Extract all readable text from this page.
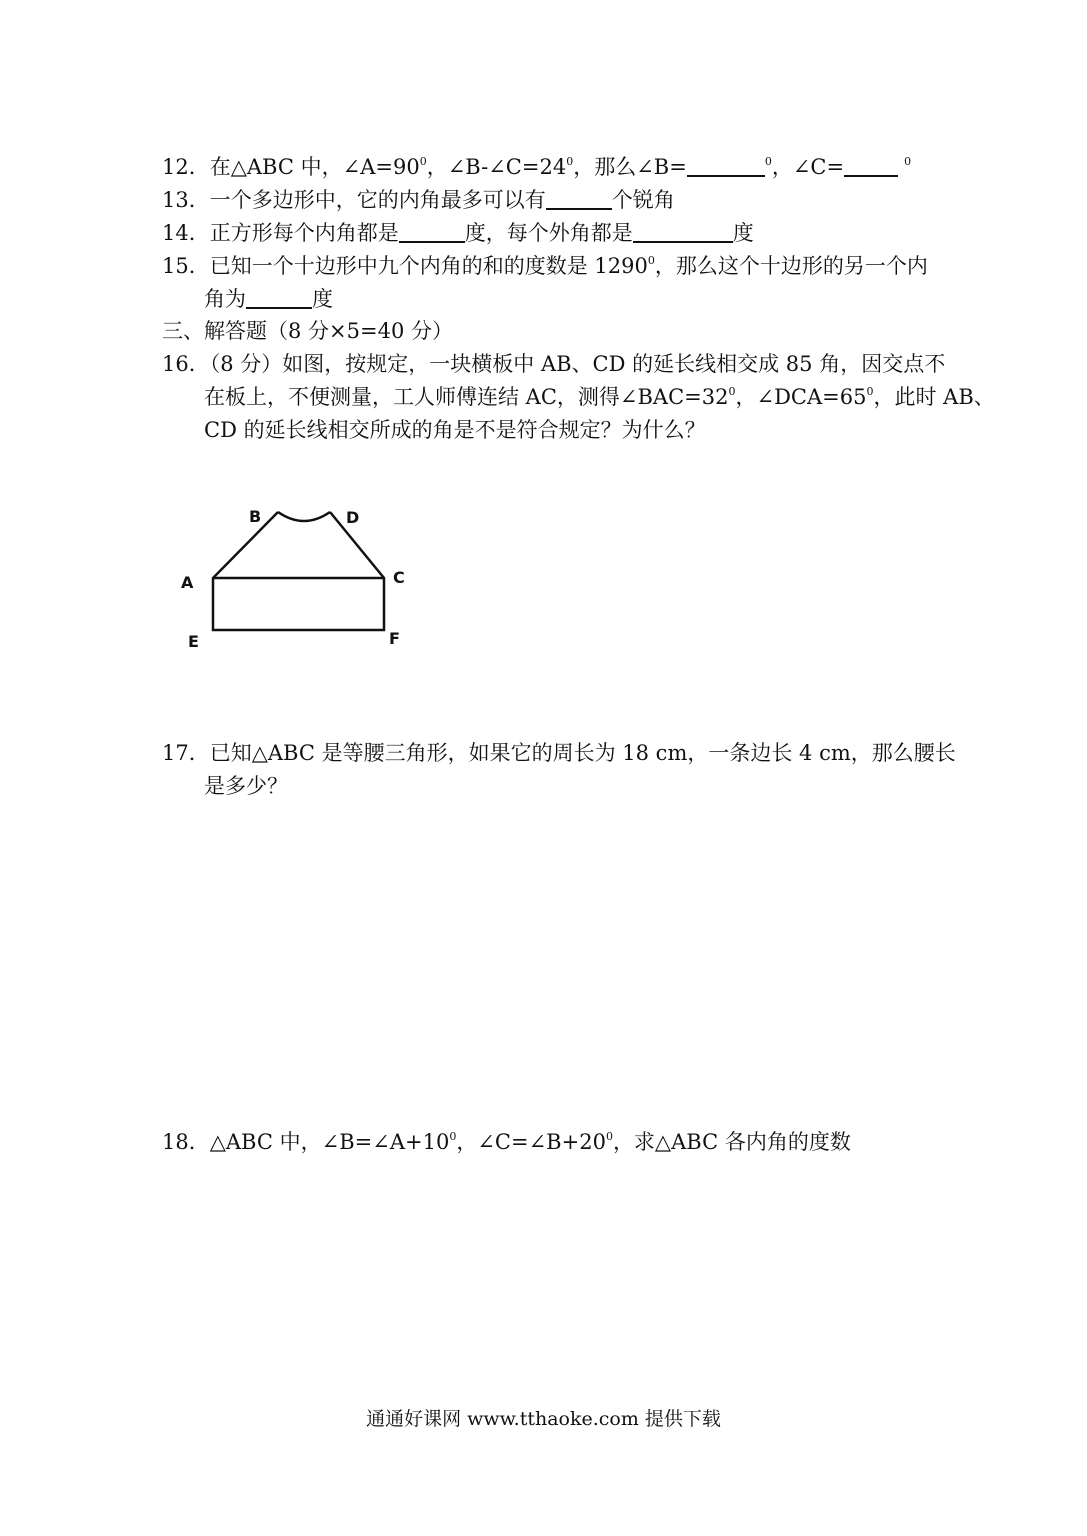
12．在△ABC 中，$\angle A=90^0$，$\angle B-\angle C=24^0$，那么∠B=	$^0$，∠C=	$^0$
13．一个多边形中，它的内角最多可以有	个锐角
14．正方形每个内角都是	度，每个外角都是	度
15．已知一个十边形中九个内角的和的度数是 1290$^0$，那么这个十边形的另一个内
角为	度
三、解答题（8 分×5=40 分）
16．（8 分）如图，按规定，一块横板中 AB、CD 的延长线相交成 85 角，因交点不
在板上，不便测量，工人师傅连结 AC，测得$\angle BAC=32^0$，$\angle DCA=65^0$，此时 AB、
CD 的延长线相交所成的角是不是符合规定？为什么？
B	D
A	C
E	F
17．已知△ABC 是等腰三角形，如果它的周长为 18 cm，一条边长 4 cm，那么腰长
是多少？
18．△ABC 中，$\angle B=\angle A+10^0$，$\angle C=\angle B+20^0$，求△ABC 各内角的度数
通通好课网 www.tthaoke.com 提供下载
